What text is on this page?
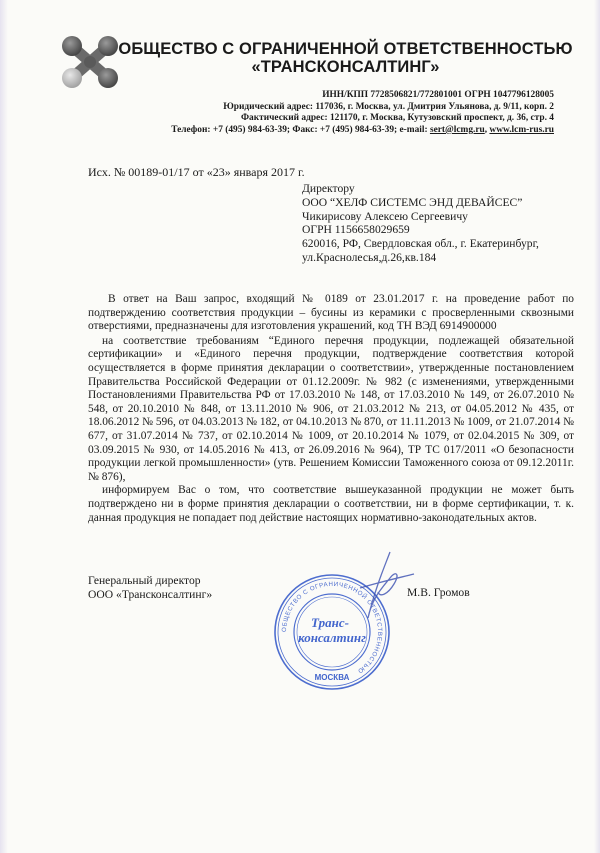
ОБЩЕСТВО С ОГРАНИЧЕННОЙ ОТВЕТСТВЕННОСТЬЮ
«ТРАНСКОНСАЛТИНГ»
ИНН/КПП 7728506821/772801001 ОГРН 1047796128005
Юридический адрес: 117036, г. Москва, ул. Дмитрия Ульянова, д. 9/11, корп. 2
Фактический адрес: 121170, г. Москва, Кутузовский проспект, д. 36, стр. 4
Телефон: +7 (495) 984-63-39; Факс: +7 (495) 984-63-39; e-mail: sert@lcmg.ru, www.lcm-rus.ru
Исх. № 00189-01/17 от «23» января 2017 г.
Директору
ООО “ХЕЛФ СИСТЕМС ЭНД ДЕВАЙСЕС”
Чикирисову Алексею Сергеевичу
ОГРН 1156658029659
620016, РФ, Свердловская обл., г. Екатеринбург,
ул.Краснолесья,д.26,кв.184

В ответ на Ваш запрос, входящий № 0189 от 23.01.2017 г. на проведение работ по подтверждению соответствия продукции – бусины из керамики с просверленными сквозными отверстиями, предназначены для изготовления украшений, код ТН ВЭД 6914900000

на соответствие требованиям “Единого перечня продукции, подлежащей обязательной сертификации» и «Единого перечня продукции, подтверждение соответствия которой осуществляется в форме принятия декларации о соответствии», утвержденные постановлением Правительства Российской Федерации от 01.12.2009г. № 982 (с изменениями, утвержденными Постановлениями Правительства РФ от 17.03.2010 № 148, от 17.03.2010 № 149, от 26.07.2010 № 548, от 20.10.2010 № 848, от 13.11.2010 № 906, от 21.03.2012 № 213, от 04.05.2012 № 435, от 18.06.2012 № 596, от 04.03.2013 № 182, от 04.10.2013 № 870, от 11.11.2013 № 1009, от 21.07.2014 № 677, от 31.07.2014 № 737, от 02.10.2014 № 1009, от 20.10.2014 № 1079, от 02.04.2015 № 309, от 03.09.2015 № 930, от 14.05.2016 № 413, от 26.09.2016 № 964), ТР ТС 017/2011 «О безопасности продукции легкой промышленности» (утв. Решением Комиссии Таможенного союза от 09.12.2011г. № 876),

информируем Вас о том, что соответствие вышеуказанной продукции не может быть подтверждено ни в форме принятия декларации о соответствии, ни в форме сертификации, т. к. данная продукция не попадает под действие настоящих нормативно-законодательных актов.

Генеральный директор
ООО «Трансконсалтинг»	М.В. Громов
ОБЩЕСТВО С ОГРАНИЧЕННОЙ ОТВЕТСТВЕННОСТЬЮ
Транс-
консалтинг
МОСКВА
